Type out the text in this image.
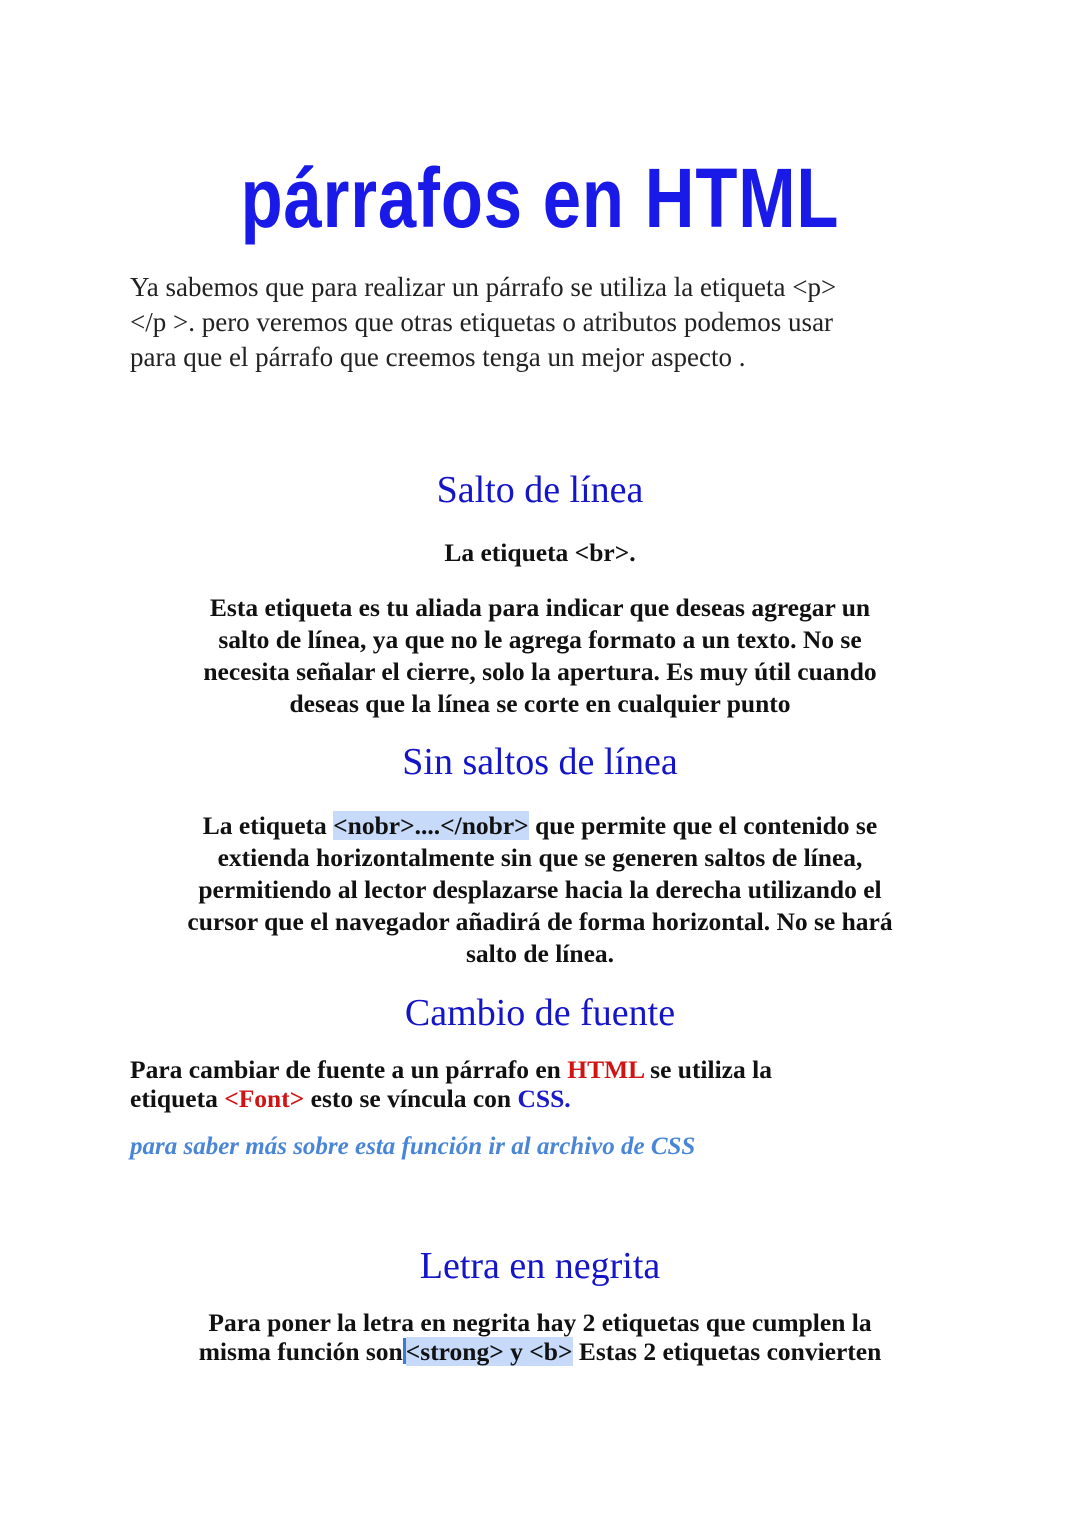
párrafos en HTML
Ya sabemos que para realizar un párrafo se utiliza la etiqueta <p>
</p >. pero veremos que otras etiquetas o atributos podemos usar
para que el párrafo que creemos tenga un mejor aspecto .
Salto de línea
La etiqueta <br>.
Esta etiqueta es tu aliada para indicar que deseas agregar un
salto de línea, ya que no le agrega formato a un texto. No se
necesita señalar el cierre, solo la apertura. Es muy útil cuando
deseas que la línea se corte en cualquier punto
Sin saltos de línea
La etiqueta <nobr>....</nobr> que permite que el contenido se
extienda horizontalmente sin que se generen saltos de línea,
permitiendo al lector desplazarse hacia la derecha utilizando el
cursor que el navegador añadirá de forma horizontal. No se hará
salto de línea.
Cambio de fuente
Para cambiar de fuente a un párrafo en HTML se utiliza la
etiqueta <Font> esto se víncula con CSS.
para saber más sobre esta función ir al archivo de CSS
Letra en negrita
Para poner la letra en negrita hay 2 etiquetas que cumplen la
misma función son <strong> y <b> Estas 2 etiquetas convierten
